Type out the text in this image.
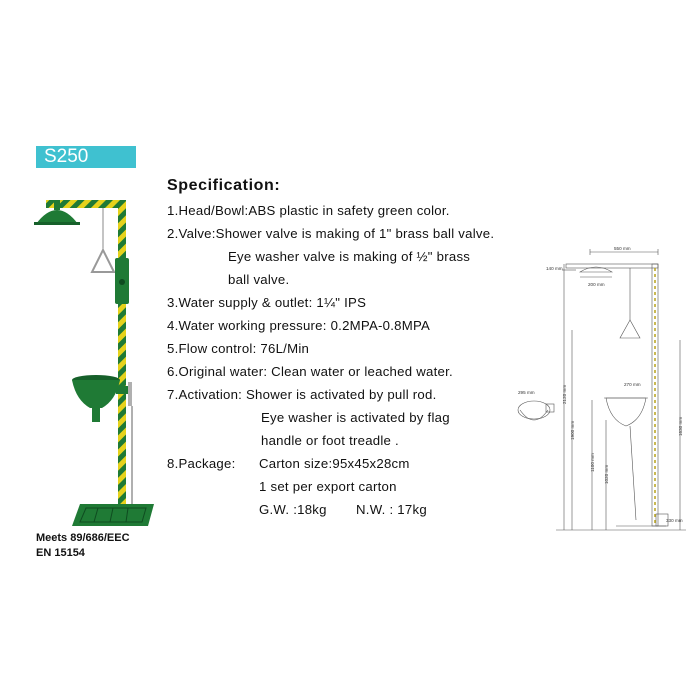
S250
Meets 89/686/EEC
EN 15154
Specification:
1.Head/Bowl:ABS plastic in safety green color.
2.Valve:Shower valve is making of 1" brass ball valve.
Eye washer valve is making of ½" brass
ball valve.
3.Water supply & outlet: 1¼" IPS
4.Water working pressure: 0.2MPA-0.8MPA
5.Flow control: 76L/Min
6.Original water: Clean water or leached water.
7.Activation: Shower is activated by pull rod.
Eye washer is activated by flag
handle or foot treadle .
8.Package: Carton size:95x45x28cm
1 set per export carton
G.W. :18kg N.W. : 17kg
550 mm
140 mm
200 mm
270 mm
295 mm	2120 mm
1900 mm
1100 mm
1020 mm
1630 mm
330 mm
